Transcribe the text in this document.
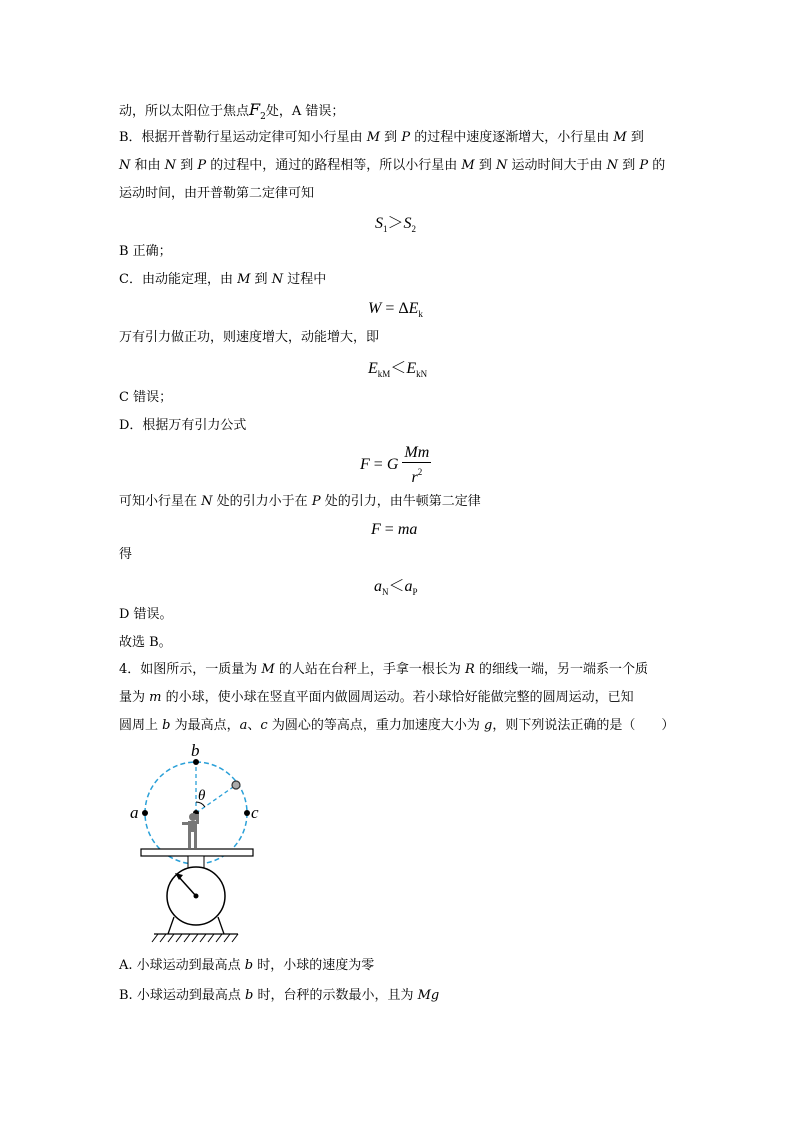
动，所以太阳位于焦点$F_2$处，A 错误；
B．根据开普勒行星运动定律可知小行星由 M 到 P 的过程中速度逐渐增大，小行星由 M 到
N 和由 N 到 P 的过程中，通过的路程相等，所以小行星由 M 到 N 运动时间大于由 N 到 P 的
运动时间，由开普勒第二定律可知
$S_1>S_2$
B 正确；
C．由动能定理，由 M 到 N 过程中
$W = \Delta E_k$
万有引力做正功，则速度增大，动能增大，即
$E_{kM}<E_{kN}$
C 错误；
D．根据万有引力公式
F = G $\frac{Mm}{r^2}$
可知小行星在 N 处的引力小于在 P 处的引力，由牛顿第二定律
F = ma
得
$a_N<a_P$
D 错误。
故选 B。
4．如图所示，一质量为 M 的人站在台秤上，手拿一根长为 R 的细线一端，另一端系一个质
量为 m 的小球，使小球在竖直平面内做圆周运动。若小球恰好能做完整的圆周运动，已知
圆周上 b 为最高点，a、c 为圆心的等高点，重力加速度大小为 g，则下列说法正确的是（　　）
b
a	c
θ
A. 小球运动到最高点 b 时，小球的速度为零
B. 小球运动到最高点 b 时，台秤的示数最小，且为 Mg
